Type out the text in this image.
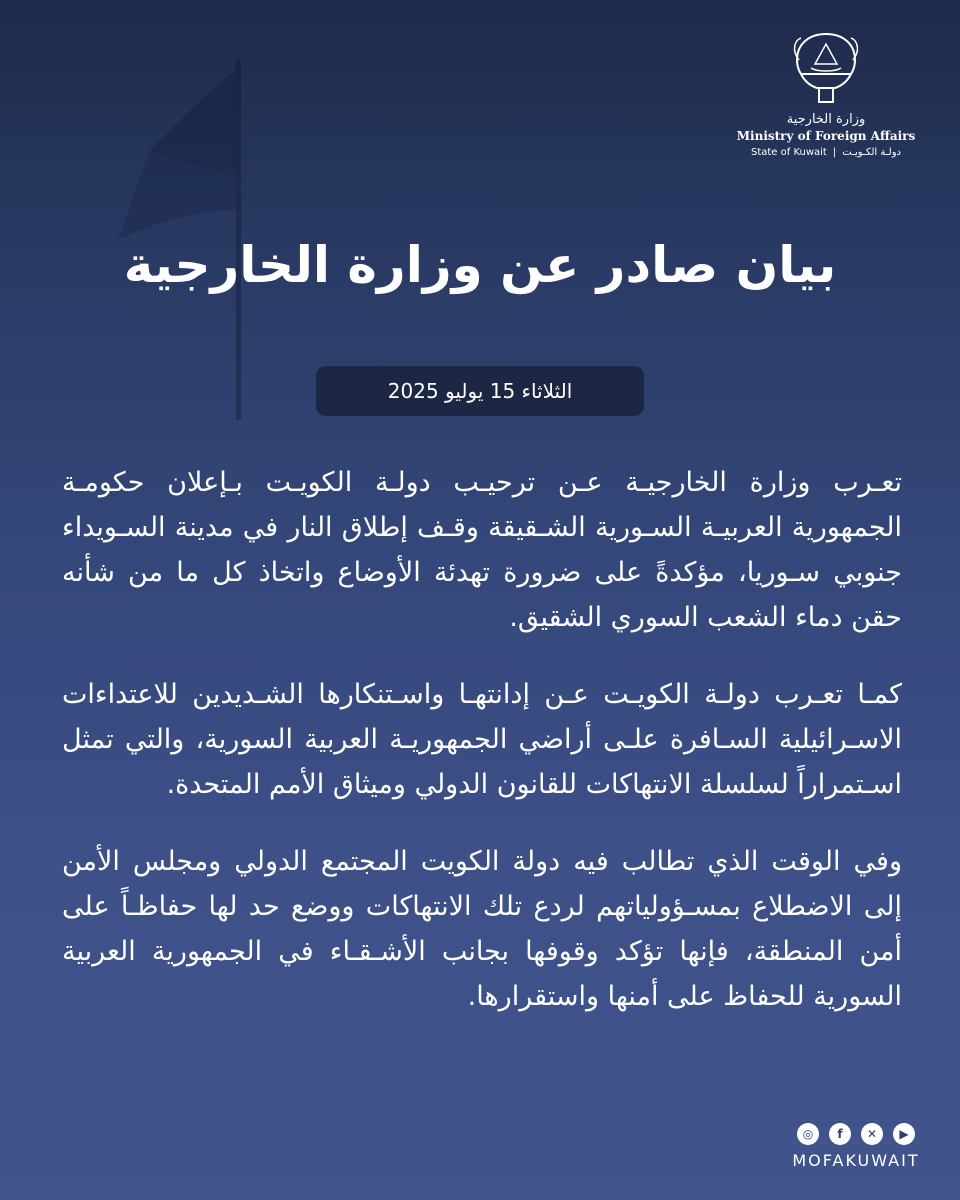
وزارة الخارجية
Ministry of Foreign Affairs
State of Kuwait | دولـة الكـويـت
بيان صادر عن وزارة الخارجية
الثلاثاء 15 يوليو 2025

تعـرب وزارة الخارجيـة عـن ترحيـب دولـة الكويـت بـإعلان حكومـة الجمهورية العربيـة السـورية الشـقيقة وقـف إطلاق النار في مدينة السـويداء جنوبي سـوريا، مؤكدةً على ضرورة تهدئة الأوضاع واتخاذ كل ما من شأنه حقن دماء الشعب السوري الشقيق.

كمـا تعـرب دولـة الكويـت عـن إدانتهـا واسـتنكارها الشـديدين للاعتداءات الاسـرائيلية السـافرة علـى أراضي الجمهوريـة العربية السورية، والتي تمثل اسـتمراراً لسلسلة الانتهاكات للقانون الدولي وميثاق الأمم المتحدة.

وفي الوقت الذي تطالب فيه دولة الكويت المجتمع الدولي ومجلس الأمن إلى الاضطلاع بمسـؤولياتهم لردع تلك الانتهاكات ووضع حد لها حفاظـاً على أمن المنطقة، فإنها تؤكد وقوفها بجانب الأشـقـاء في الجمهورية العربية السورية للحفاظ على أمنها واستقرارها.

◎	f	✕	▶
MOFAKUWAIT
